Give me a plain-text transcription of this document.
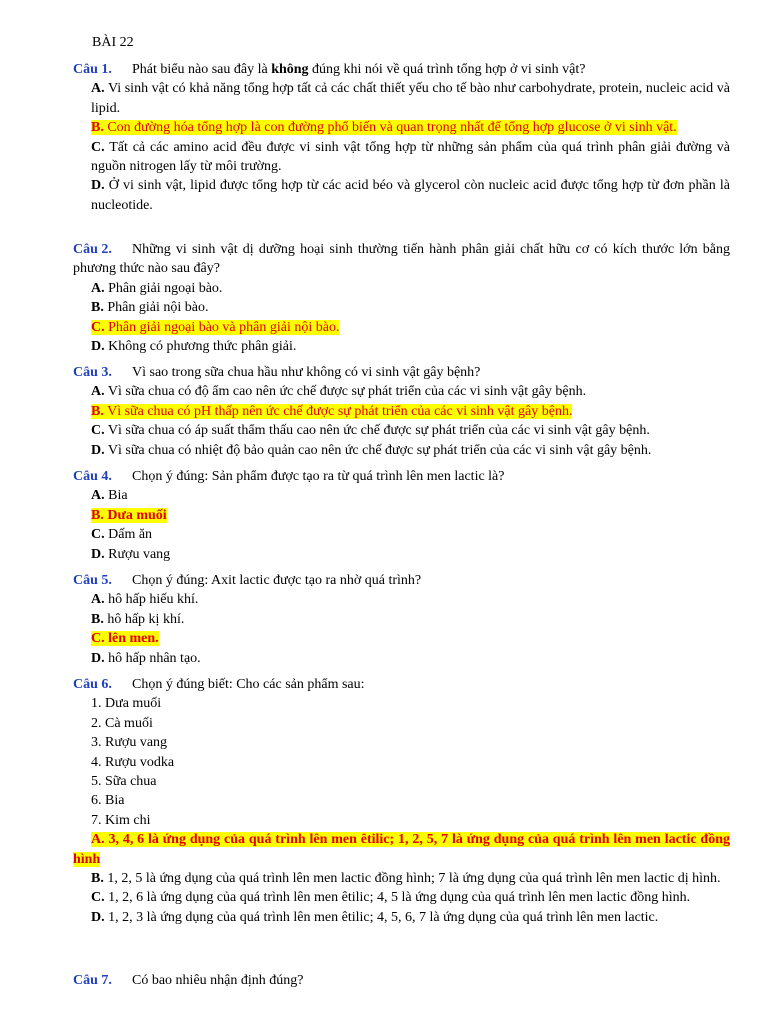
BÀI 22
Câu 1. Phát biểu nào sau đây là không đúng khi nói về quá trình tổng hợp ở vi sinh vật?
A. Vi sinh vật có khả năng tổng hợp tất cả các chất thiết yếu cho tế bào như carbohydrate, protein, nucleic acid và lipid.
B. Con đường hóa tổng hợp là con đường phổ biến và quan trọng nhất để tổng hợp glucose ở vi sinh vật.
C. Tất cả các amino acid đều được vi sinh vật tổng hợp từ những sản phẩm của quá trình phân giải đường và nguồn nitrogen lấy từ môi trường.
D. Ở vi sinh vật, lipid được tổng hợp từ các acid béo và glycerol còn nucleic acid được tổng hợp từ đơn phần là nucleotide.
Câu 2. Những vi sinh vật dị dưỡng hoại sinh thường tiến hành phân giải chất hữu cơ có kích thước lớn bằng phương thức nào sau đây?
A. Phân giải ngoại bào.
B. Phân giải nội bào.
C. Phân giải ngoại bào và phân giải nội bào.
D. Không có phương thức phân giải.
Câu 3. Vì sao trong sữa chua hầu như không có vi sinh vật gây bệnh?
A. Vì sữa chua có độ ẩm cao nên ức chế được sự phát triển của các vi sinh vật gây bệnh.
B. Vì sữa chua có pH thấp nên ức chế được sự phát triển của các vi sinh vật gây bệnh.
C. Vì sữa chua có áp suất thẩm thấu cao nên ức chế được sự phát triển của các vi sinh vật gây bệnh.
D. Vì sữa chua có nhiệt độ bảo quản cao nên ức chế được sự phát triển của các vi sinh vật gây bệnh.
Câu 4. Chọn ý đúng: Sản phẩm được tạo ra từ quá trình lên men lactic là?
A. Bia
B. Dưa muối
C. Dấm ăn
D. Rượu vang
Câu 5. Chọn ý đúng: Axit lactic được tạo ra nhờ quá trình?
A. hô hấp hiếu khí.
B. hô hấp kị khí.
C. lên men.
D. hô hấp nhân tạo.
Câu 6. Chọn ý đúng biết: Cho các sản phẩm sau:
1. Dưa muối
2. Cà muối
3. Rượu vang
4. Rượu vodka
5. Sữa chua
6. Bia
7. Kim chi
A. 3, 4, 6 là ứng dụng của quá trình lên men êtilic; 1, 2, 5, 7 là ứng dụng của quá trình lên men lactic đồng hình
B. 1, 2, 5 là ứng dụng của quá trình lên men lactic đồng hình; 7 là ứng dụng của quá trình lên men lactic dị hình.
C. 1, 2, 6 là ứng dụng của quá trình lên men êtilic; 4, 5 là ứng dụng của quá trình lên men lactic đồng hình.
D. 1, 2, 3 là ứng dụng của quá trình lên men êtilic; 4, 5, 6, 7 là ứng dụng của quá trình lên men lactic.
Câu 7. Có bao nhiêu nhận định đúng?
